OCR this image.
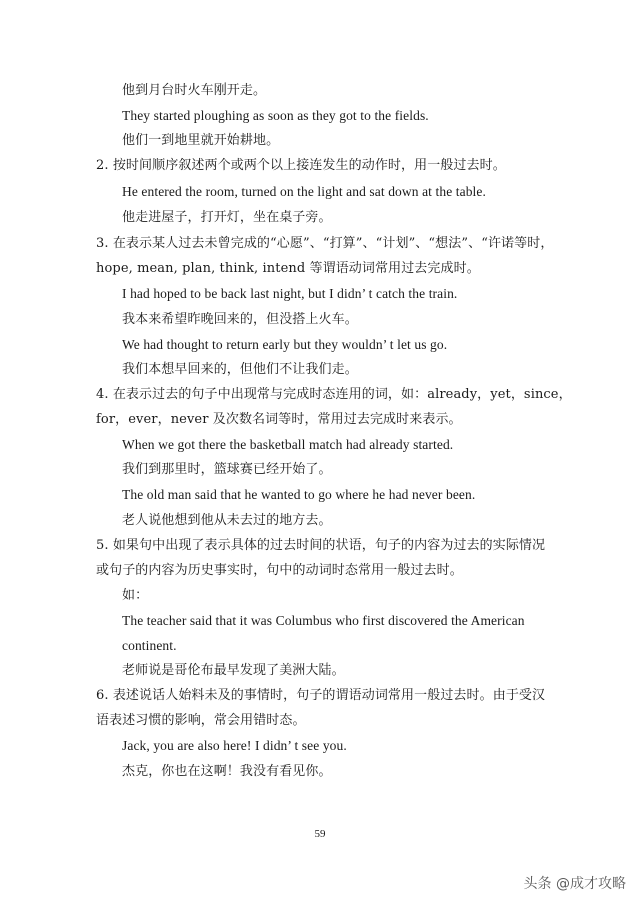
他到月台时火车刚开走。
They started ploughing as soon as they got to the fields.
他们一到地里就开始耕地。
2. 按时间顺序叙述两个或两个以上接连发生的动作时，用一般过去时。
He entered the room, turned on the light and sat down at the table.
他走进屋子，打开灯，坐在桌子旁。
3. 在表示某人过去未曾完成的“心愿”、“打算”、“计划”、“想法”、“许诺等时，
hope, mean, plan, think, intend 等谓语动词常用过去完成时。
I had hoped to be back last night, but I didn’ t catch the train.
我本来希望昨晚回来的，但没搭上火车。
We had thought to return early but they wouldn’ t let us go.
我们本想早回来的，但他们不让我们走。
4. 在表示过去的句子中出现常与完成时态连用的词，如：already，yet，since，
for，ever，never 及次数名词等时，常用过去完成时来表示。
When we got there the basketball match had already started.
我们到那里时，篮球赛已经开始了。
The old man said that he wanted to go where he had never been.
老人说他想到他从未去过的地方去。
5. 如果句中出现了表示具体的过去时间的状语，句子的内容为过去的实际情况
或句子的内容为历史事实时，句中的动词时态常用一般过去时。
如：
The teacher said that it was Columbus who first discovered the American
continent.
老师说是哥伦布最早发现了美洲大陆。
6. 表述说话人始料未及的事情时，句子的谓语动词常用一般过去时。由于受汉
语表述习惯的影响，常会用错时态。
Jack, you are also here! I didn’ t see you.
杰克，你也在这啊！我没有看见你。
59
头条 @成才攻略
